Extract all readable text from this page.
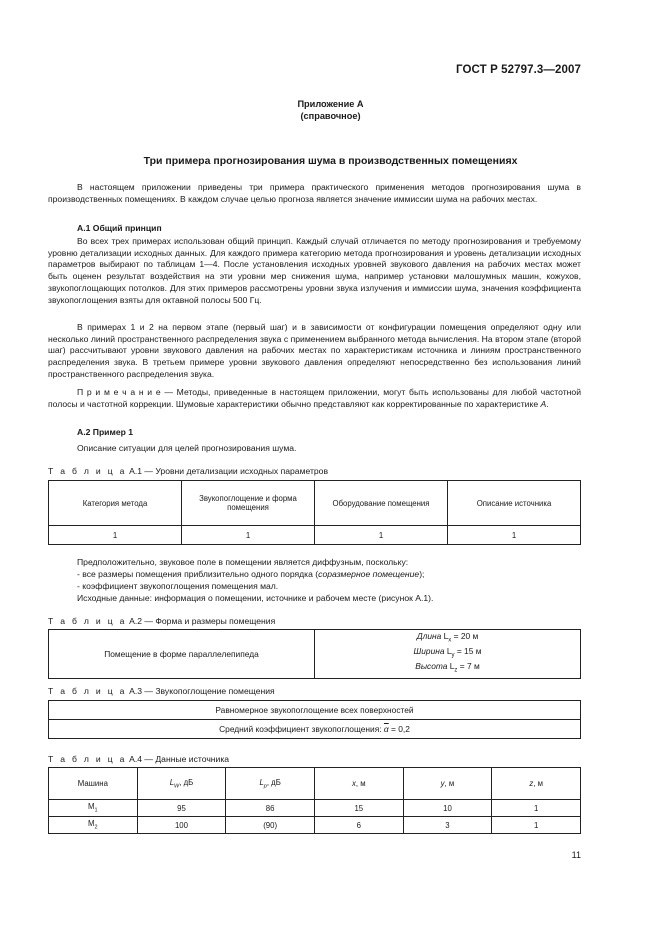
ГОСТ Р 52797.3—2007
Приложение А
(справочное)
Три примера прогнозирования шума в производственных помещениях
В настоящем приложении приведены три примера практического применения методов прогнозирования шума в производственных помещениях. В каждом случае целью прогноза является значение иммиссии шума на рабочих местах.
А.1 Общий принцип
Во всех трех примерах использован общий принцип. Каждый случай отличается по методу прогнозирования и требуемому уровню детализации исходных данных. Для каждого примера категорию метода прогнозирования и уровень детализации исходных параметров выбирают по таблицам 1—4. После установления исходных уровней звукового давления на рабочих местах может быть оценен результат воздействия на эти уровни мер снижения шума, например установки малошумных машин, кожухов, звукопоглощающих потолков. Для этих примеров рассмотрены уровни звука излучения и иммиссии шума, значения коэффициента звукопоглощения взяты для октавной полосы 500 Гц.
В примерах 1 и 2 на первом этапе (первый шаг) и в зависимости от конфигурации помещения определяют одну или несколько линий пространственного распределения звука с применением выбранного метода вычисления. На втором этапе (второй шаг) рассчитывают уровни звукового давления на рабочих местах по характеристикам источника и линиям пространственного распределения звука. В третьем примере уровни звукового давления определяют непосредственно без использования линий пространственного распределения звука.
П р и м е ч а н и е — Методы, приведенные в настоящем приложении, могут быть использованы для любой частотной полосы и частотной коррекции. Шумовые характеристики обычно представляют как корректированные по характеристике A.
А.2 Пример 1
Описание ситуации для целей прогнозирования шума.
Т а б л и ц а А.1 — Уровни детализации исходных параметров
Категория метода	Звукопоглощение и форма помещения	Оборудование помещения	Описание источника
1	1	1	1
Предположительно, звуковое поле в помещении является диффузным, поскольку:
- все размеры помещения приблизительно одного порядка (соразмерное помещение);
- коэффициент звукопоглощения помещения мал.
Исходные данные: информация о помещении, источнике и рабочем месте (рисунок А.1).
Т а б л и ц а А.2 — Форма и размеры помещения
Помещение в форме параллелепипеда	
Длина $L_x = 20$ м
Ширина $L_y = 15$ м
Высота $L_z = 7$ м
Т а б л и ц а А.3 — Звукопоглощение помещения
Равномерное звукопоглощение всех поверхностей
Средний коэффициент звукопоглощения: $\overline{\alpha} = 0,2$
Т а б л и ц а А.4 — Данные источника
Машина	$L_W$, дБ	$L_p$, дБ	x, м	y, м	z, м
$M_1$	95	86	15	10	1
$M_2$	100	(90)	6	3	1
11
